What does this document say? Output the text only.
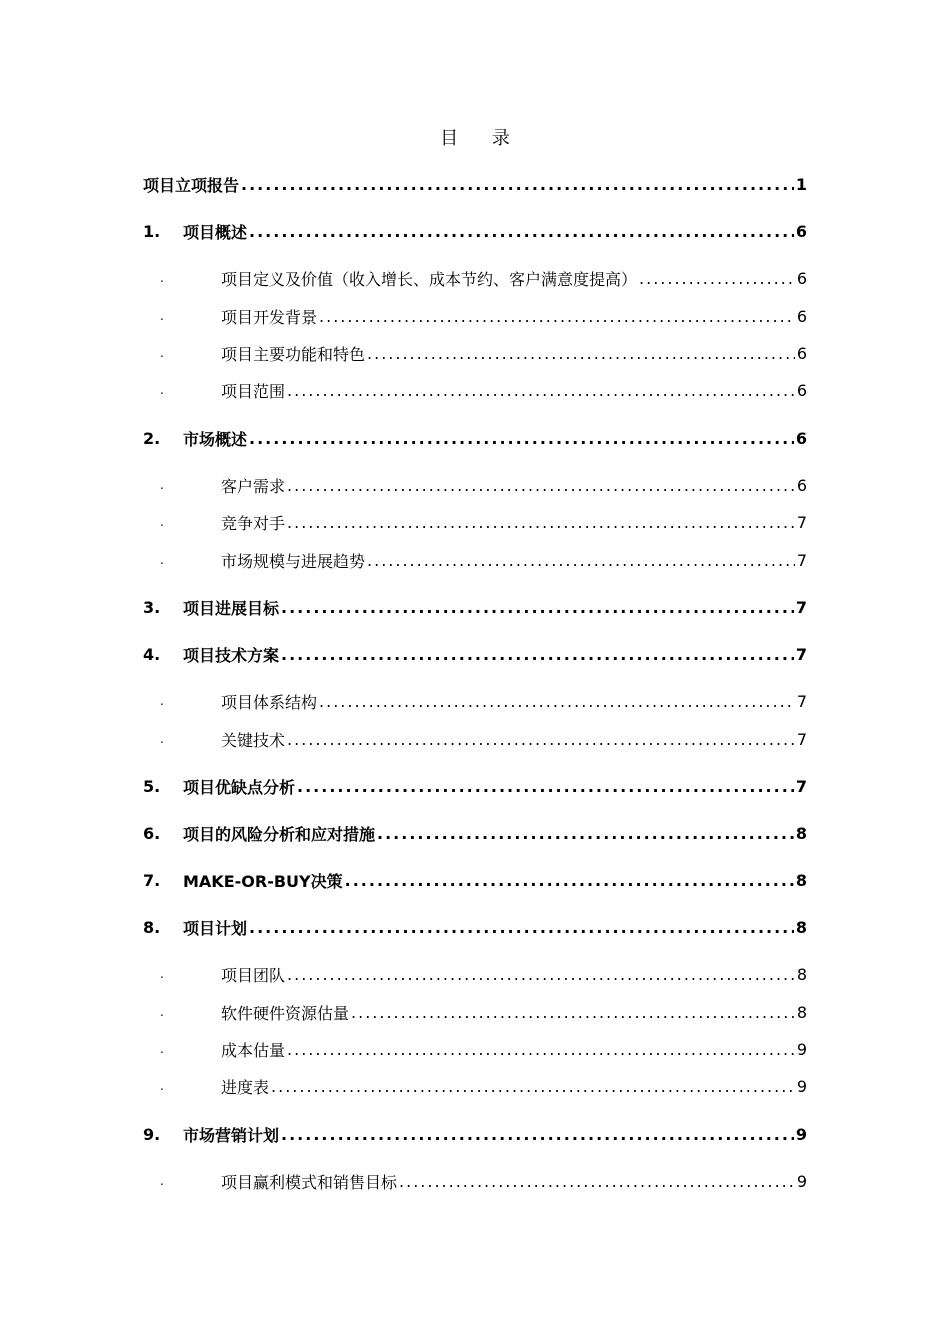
目 录
项目立项报告 .....	1
1.	项目概述 .....	6
.	项目定义及价值（收入增长、成本节约、客户满意度提高） .....	6
.	项目开发背景 .....	6
.	项目主要功能和特色 .....	6
.	项目范围 .....	6
2.	市场概述 .....	6
.	客户需求 .....	6
.	竞争对手 .....	7
.	市场规模与进展趋势 .....	7
3.	项目进展目标 .....	7
4.	项目技术方案 .....	7
.	项目体系结构 .....	7
.	关键技术 .....	7
5.	项目优缺点分析 .....	7
6.	项目的风险分析和应对措施 .....	8
7.	MAKE-OR-BUY决策 .....	8
8.	项目计划 .....	8
.	项目团队 .....	8
.	软件硬件资源估量 .....	8
.	成本估量 .....	9
.	进度表 .....	9
9.	市场营销计划 .....	9
.	项目赢利模式和销售目标 .....	9
